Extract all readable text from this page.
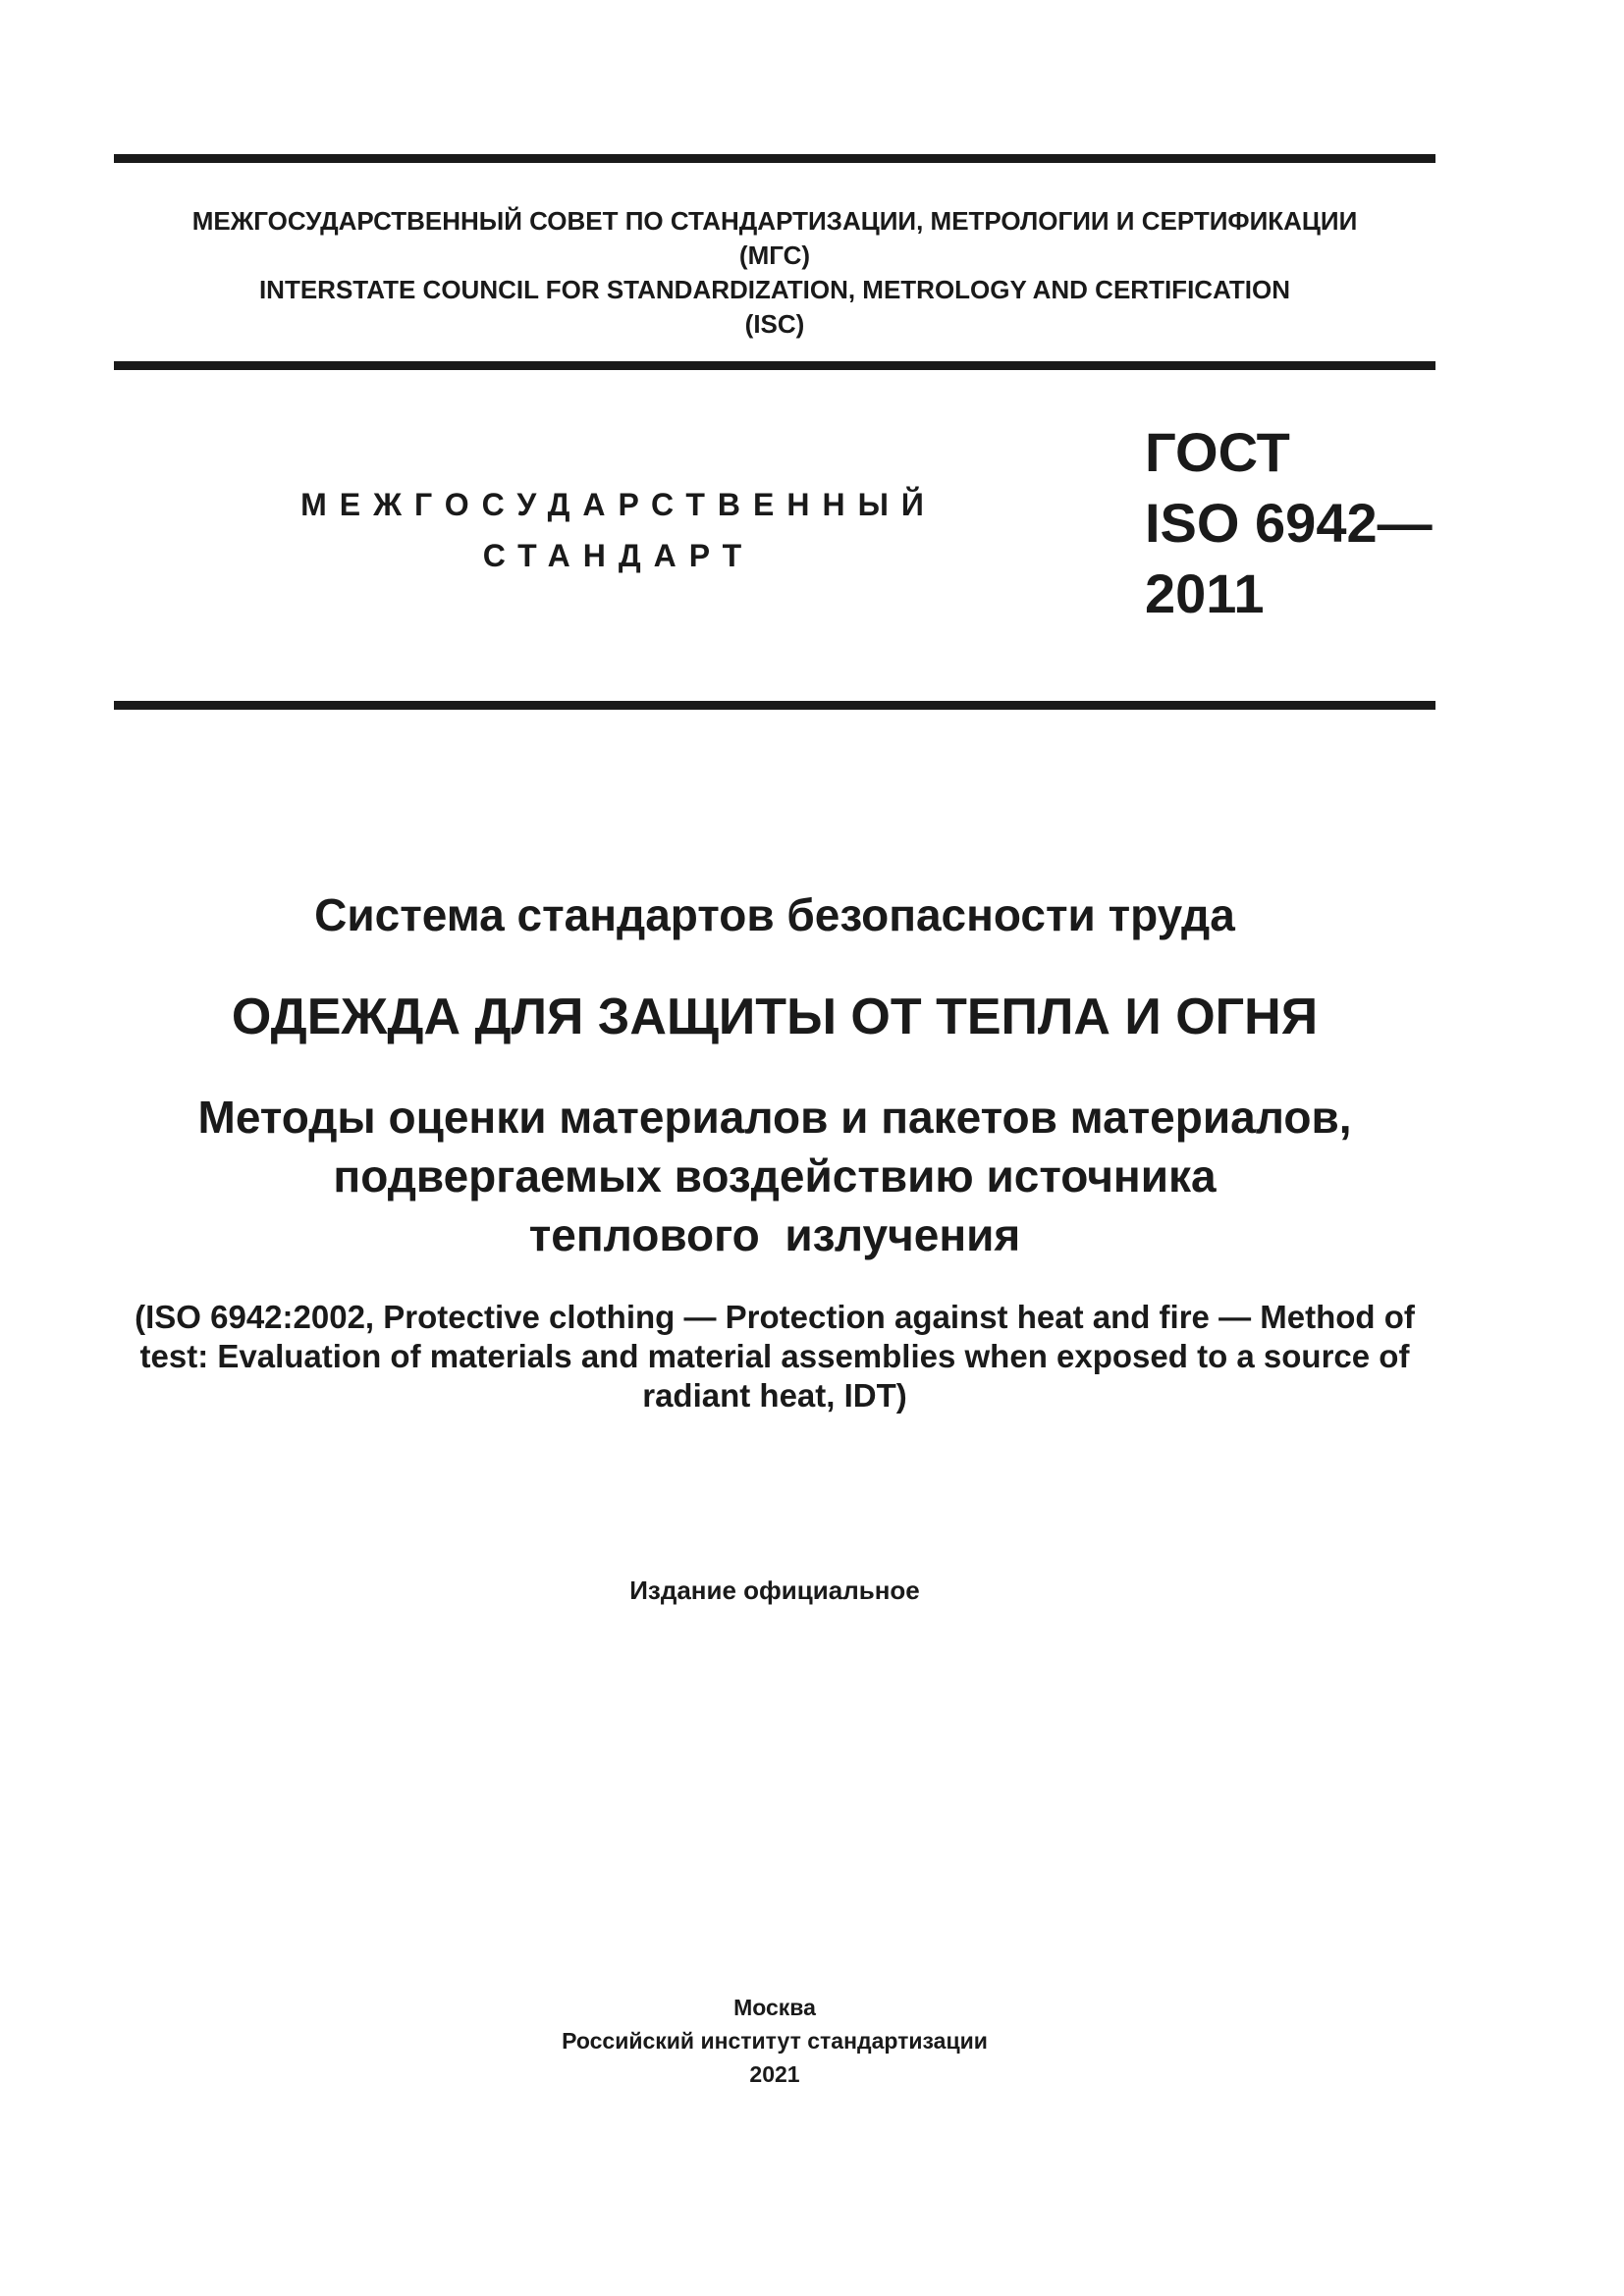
МЕЖГОСУДАРСТВЕННЫЙ СОВЕТ ПО СТАНДАРТИЗАЦИИ, МЕТРОЛОГИИ И СЕРТИФИКАЦИИ
(МГС)
INTERSTATE COUNCIL FOR STANDARDIZATION, METROLOGY AND CERTIFICATION
(ISC)
МЕЖГОСУДАРСТВЕННЫЙ
СТАНДАРТ
ГОСТ
ISO 6942—
2011
Система стандартов безопасности труда
ОДЕЖДА ДЛЯ ЗАЩИТЫ ОТ ТЕПЛА И ОГНЯ
Методы оценки материалов и пакетов материалов,
подвергаемых воздействию источника
теплового  излучения
(ISO 6942:2002, Protective clothing — Protection against heat and fire — Method of
test: Evaluation of materials and material assemblies when exposed to a source of
radiant heat, IDT)
Издание официальное
Москва
Российский институт стандартизации
2021
